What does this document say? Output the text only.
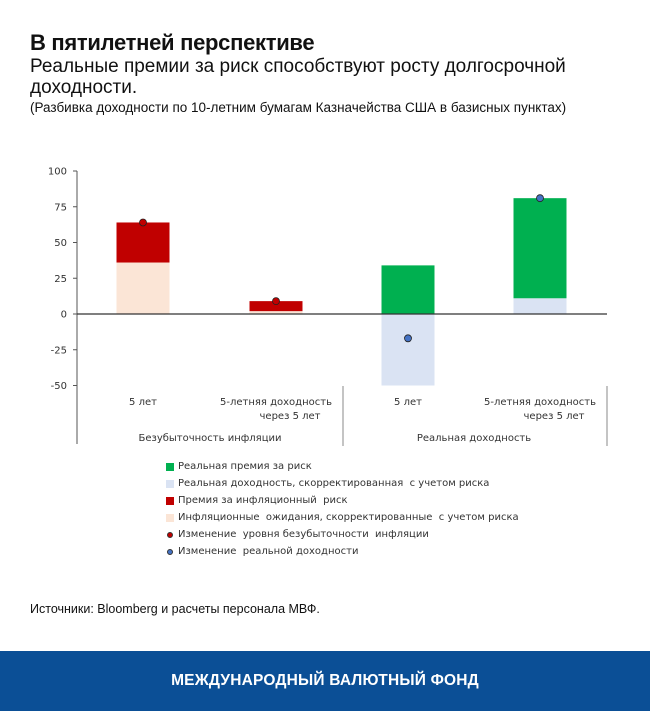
В пятилетней перспективе
Реальные премии за риск способствуют росту долгосрочной доходности.
(Разбивка доходности по 10-летним бумагам Казначейства США в базисных пунктах)
100
75
50
25
0
-25
-50
5 лет	5-летняя доходность
через 5 лет
5 лет	5-летняя доходность
через 5 лет
Безубыточность инфляции	Реальная доходность
Реальная премия за риск
Реальная доходность, скорректированная  с учетом риска
Премия за инфляционный  риск
Инфляционные  ожидания, скорректированные  с учетом риска
Изменение  уровня безубыточности  инфляции
Изменение  реальной доходности
Источники: Bloomberg и расчеты персонала МВФ.
МЕЖДУНАРОДНЫЙ ВАЛЮТНЫЙ ФОНД
